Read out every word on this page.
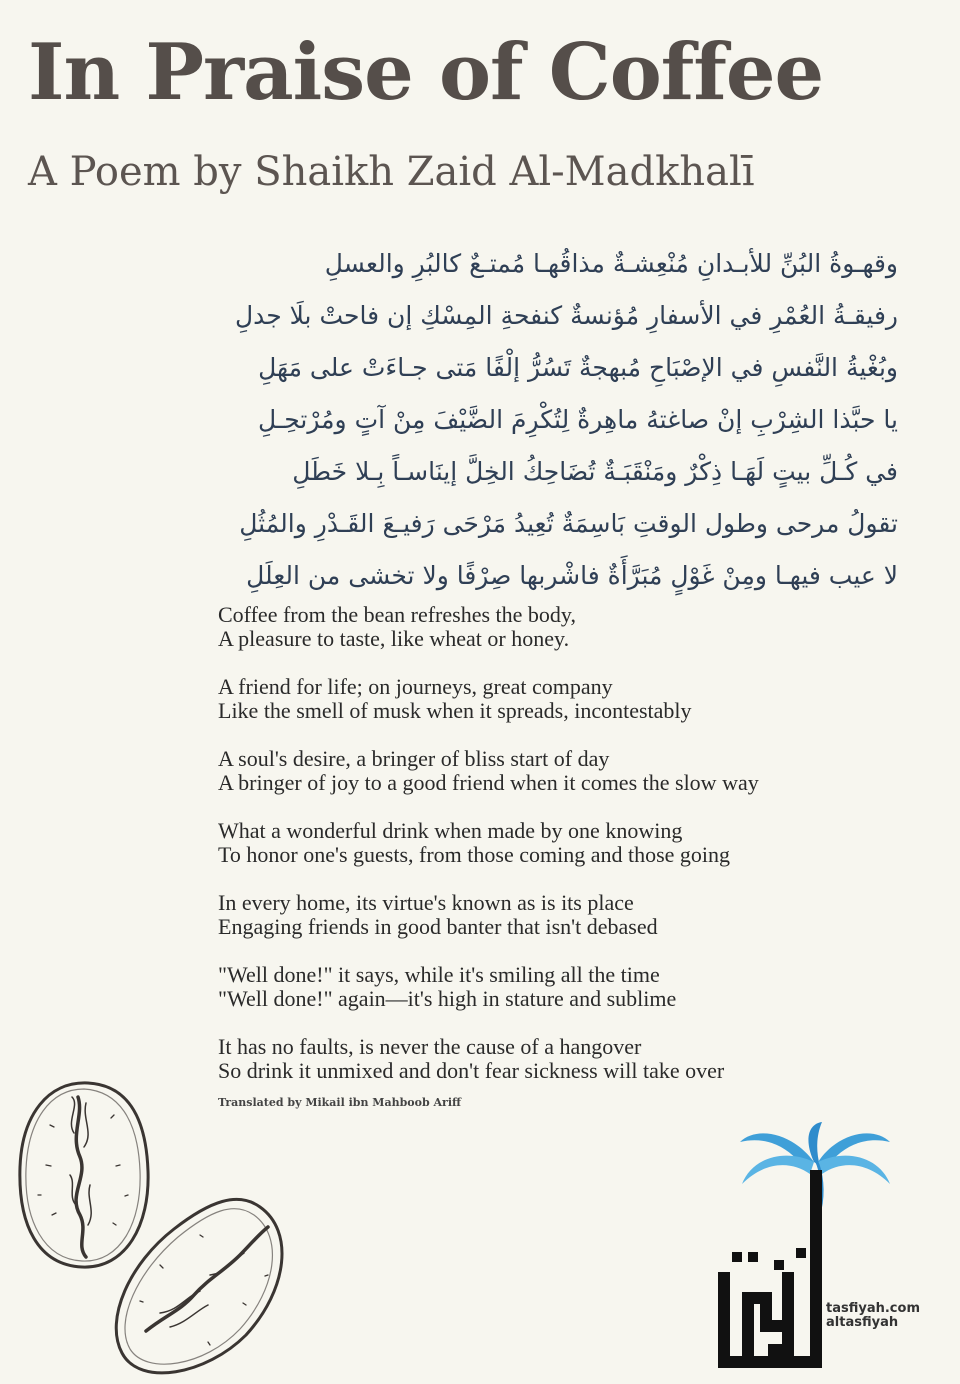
In Praise of Coffee
A Poem by Shaikh Zaid Al-Madkhalī
وقهـوةُ البُنِّ للأبـدانِ مُنْعِشـةٌ مذاقُهـا مُمتـعٌ كالبُرِ والعسلِ
رفيقـةُ العُمْرِ في الأسفارِ مُؤنسةٌ كنفحةِ المِسْكِ إن فاحتْ بلَا جدلِ
وبُغْيةُ النَّفسِ في الإصْبَاحِ مُبهجةٌ تَسُرُّ إلْفًا مَتى جـاءَتْ على مَهَلِ
يا حبَّذا الشِرْبِ إنْ صاغتهُ ماهِرةٌ لِتُكْرِمَ الضَّيْفَ مِنْ آتٍ ومُرْتحِـلِ
في كُـلِّ بيتٍ لَهَـا ذِكْرٌ ومَنْقَبَـةٌ تُضَاحِكُ الخِلَّ إينَاسـاً بِـلا خَطَلِ
تقولُ مرحى وطول الوقتِ بَاسِمَةٌ تُعِيدُ مَرْحَى رَفيـعَ القَـدْرِ والمُثُلِ
لا عيب فيهـا ومِنْ غَوْلٍ مُبَرَّأَةٌ فاشْربها صِرْفًا ولا تخشى من العِلَلِ
Coffee from the bean refreshes the body,
A pleasure to taste, like wheat or honey.
A friend for life; on journeys, great company
Like the smell of musk when it spreads, incontestably
A soul's desire, a bringer of bliss start of day
A bringer of joy to a good friend when it comes the slow way
What a wonderful drink when made by one knowing
To honor one's guests, from those coming and those going
In every home, its virtue's known as is its place
Engaging friends in good banter that isn't debased
"Well done!" it says, while it's smiling all the time
"Well done!" again—it's high in stature and sublime
It has no faults, is never the cause of a hangover
So drink it unmixed and don't fear sickness will take over
Translated by Mikail ibn Mahboob Ariff
tasfiyah.com
altasfiyah
